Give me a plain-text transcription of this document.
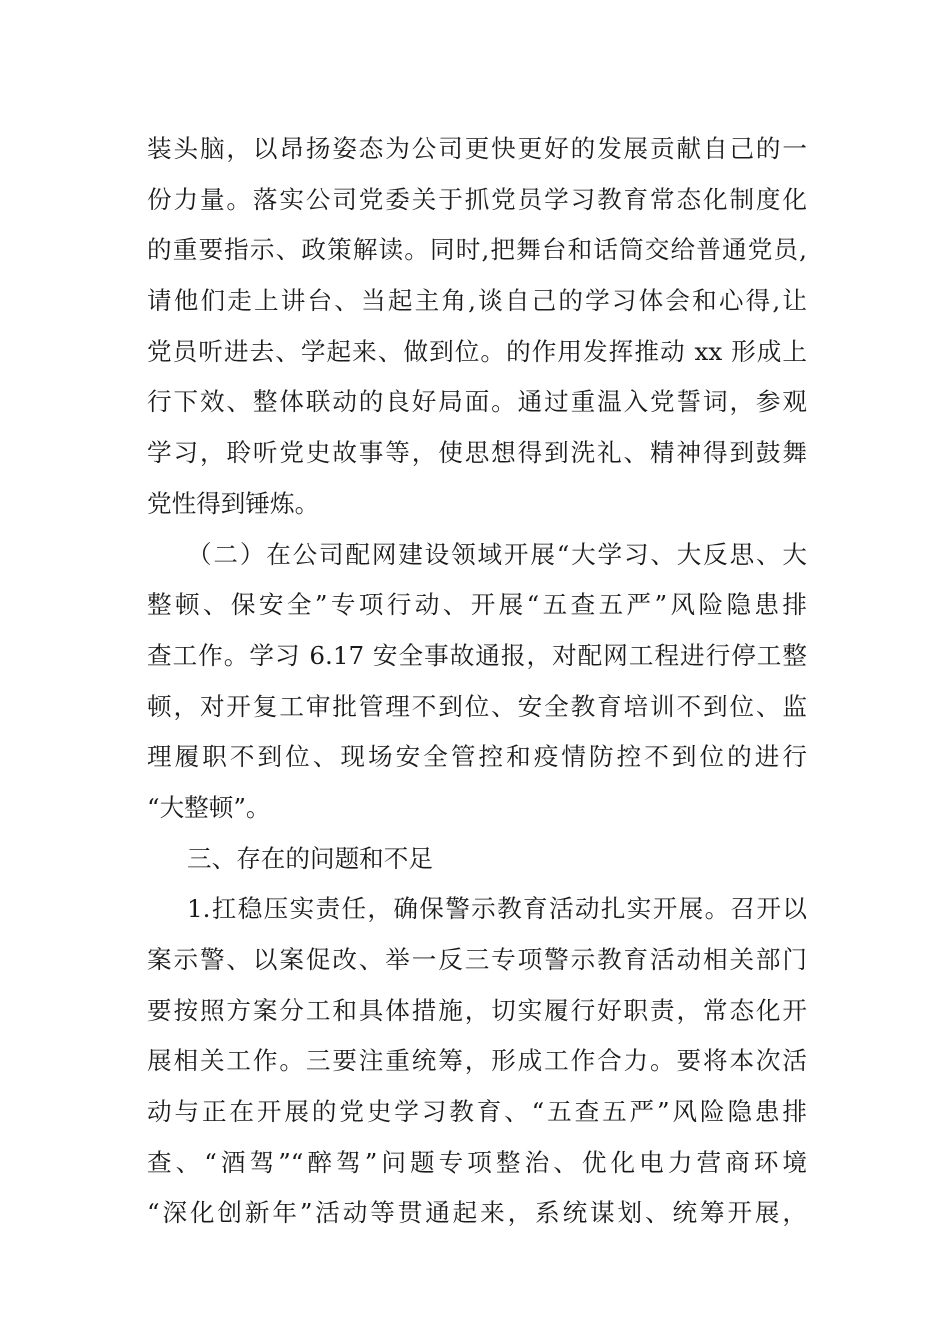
装头脑，以昂扬姿态为公司更快更好的发展贡献自己的一
份力量。落实公司党委关于抓党员学习教育常态化制度化
的重要指示、政策解读。同时,把舞台和话筒交给普通党员,
请他们走上讲台、当起主角,谈自己的学习体会和心得,让
党员听进去、学起来、做到位。的作用发挥推动 xx 形成上
行下效、整体联动的良好局面。通过重温入党誓词，参观
学习，聆听党史故事等，使思想得到洗礼、精神得到鼓舞
党性得到锤炼。
（二）在公司配网建设领域开展“大学习、大反思、大
整顿、保安全”专项行动、开展“五查五严”风险隐患排
查工作。学习 6.17 安全事故通报，对配网工程进行停工整
顿，对开复工审批管理不到位、安全教育培训不到位、监
理履职不到位、现场安全管控和疫情防控不到位的进行
“大整顿”。
三、存在的问题和不足
1.扛稳压实责任，确保警示教育活动扎实开展。召开以
案示警、以案促改、举一反三专项警示教育活动相关部门
要按照方案分工和具体措施，切实履行好职责，常态化开
展相关工作。三要注重统筹，形成工作合力。要将本次活
动与正在开展的党史学习教育、“五查五严”风险隐患排
查、“酒驾”“醉驾”问题专项整治、优化电力营商环境
“深化创新年”活动等贯通起来，系统谋划、统筹开展，
